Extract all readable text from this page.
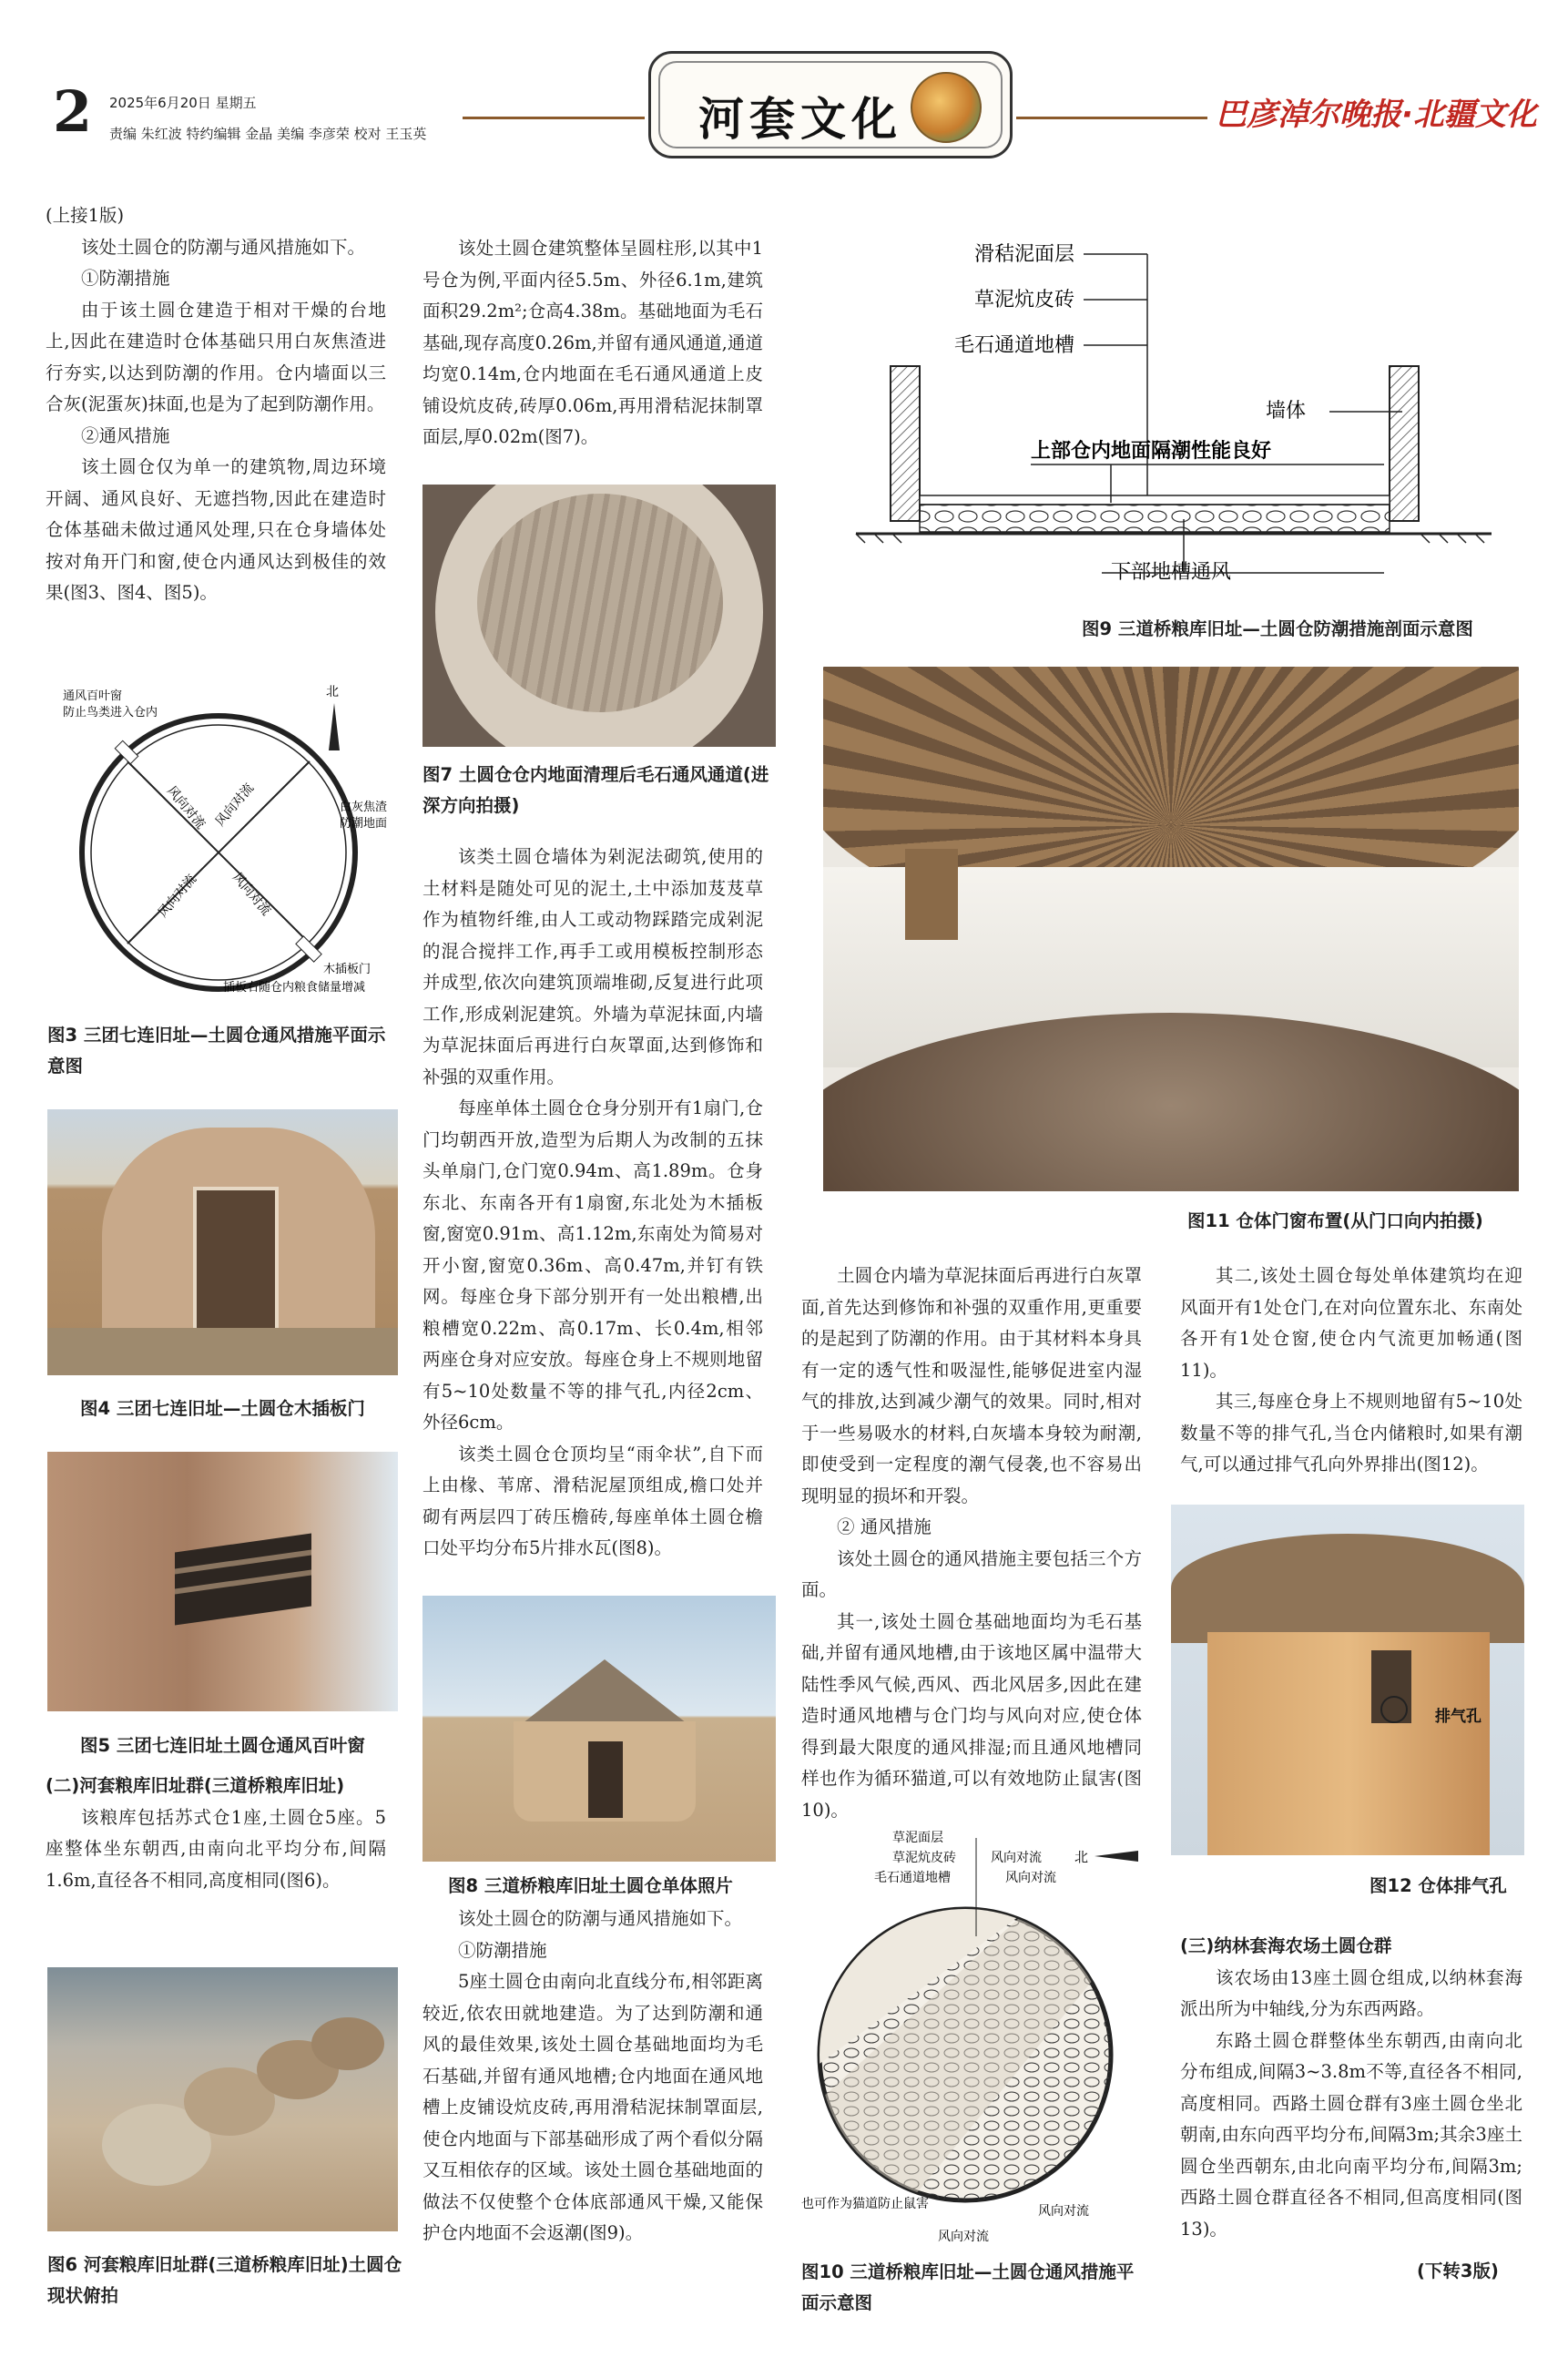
2 2025年6月20日 星期五
责编 朱红波 特约编辑 金晶 美编 李彦荣 校对 王玉英	河套文化	巴彦淖尔晚报·北疆文化

(上接1版)

该处土圆仓的防潮与通风措施如下。

①防潮措施

由于该土圆仓建造于相对干燥的台地上,因此在建造时仓体基础只用白灰焦渣进行夯实,以达到防潮的作用。仓内墙面以三合灰(泥蛋灰)抹面,也是为了起到防潮作用。

②通风措施

该土圆仓仅为单一的建筑物,周边环境开阔、通风良好、无遮挡物,因此在建造时仓体基础未做过通风处理,只在仓身墙体处按对角开门和窗,使仓内通风达到极佳的效果(图3、图4、图5)。

通风百叶窗
防止鸟类进入仓内
北
白灰焦渣
防潮地面
木插板门
插板右随仓内粮食储量增减
风向对流 风向对流
风向对流 风向对流
图3 三团七连旧址—土圆仓通风措施平面示意图
图4 三团七连旧址—土圆仓木插板门
图5 三团七连旧址土圆仓通风百叶窗

(二)河套粮库旧址群(三道桥粮库旧址)

该粮库包括苏式仓1座,土圆仓5座。5座整体坐东朝西,由南向北平均分布,间隔1.6m,直径各不相同,高度相同(图6)。

图6 河套粮库旧址群(三道桥粮库旧址)土圆仓现状俯拍

该处土圆仓建筑整体呈圆柱形,以其中1号仓为例,平面内径5.5m、外径6.1m,建筑面积29.2m²;仓高4.38m。基础地面为毛石基础,现存高度0.26m,并留有通风通道,通道均宽0.14m,仓内地面在毛石通风通道上皮铺设炕皮砖,砖厚0.06m,再用滑秸泥抹制罩面层,厚0.02m(图7)。

图7 土圆仓仓内地面清理后毛石通风通道(进深方向拍摄)

该类土圆仓墙体为剁泥法砌筑,使用的土材料是随处可见的泥土,土中添加芨芨草作为植物纤维,由人工或动物踩踏完成剁泥的混合搅拌工作,再手工或用模板控制形态并成型,依次向建筑顶端堆砌,反复进行此项工作,形成剁泥建筑。外墙为草泥抹面,内墙为草泥抹面后再进行白灰罩面,达到修饰和补强的双重作用。

每座单体土圆仓仓身分别开有1扇门,仓门均朝西开放,造型为后期人为改制的五抹头单扇门,仓门宽0.94m、高1.89m。仓身东北、东南各开有1扇窗,东北处为木插板窗,窗宽0.91m、高1.12m,东南处为简易对开小窗,窗宽0.36m、高0.47m,并钉有铁网。每座仓身下部分别开有一处出粮槽,出粮槽宽0.22m、高0.17m、长0.4m,相邻两座仓身对应安放。每座仓身上不规则地留有5~10处数量不等的排气孔,内径2cm、外径6cm。

该类土圆仓仓顶均呈“雨伞状”,自下而上由椽、苇席、滑秸泥屋顶组成,檐口处并砌有两层四丁砖压檐砖,每座单体土圆仓檐口处平均分布5片排水瓦(图8)。

图8 三道桥粮库旧址土圆仓单体照片

该处土圆仓的防潮与通风措施如下。

①防潮措施

5座土圆仓由南向北直线分布,相邻距离较近,依农田就地建造。为了达到防潮和通风的最佳效果,该处土圆仓基础地面均为毛石基础,并留有通风地槽;仓内地面在通风地槽上皮铺设炕皮砖,再用滑秸泥抹制罩面层,使仓内地面与下部基础形成了两个看似分隔又互相依存的区域。该处土圆仓基础地面的做法不仅使整个仓体底部通风干燥,又能保护仓内地面不会返潮(图9)。

滑秸泥面层
草泥炕皮砖
毛石通道地槽
墙体
上部仓内地面隔潮性能良好
下部地槽通风
图9 三道桥粮库旧址—土圆仓防潮措施剖面示意图
图11 仓体门窗布置(从门口向内拍摄)

土圆仓内墙为草泥抹面后再进行白灰罩面,首先达到修饰和补强的双重作用,更重要的是起到了防潮的作用。由于其材料本身具有一定的透气性和吸湿性,能够促进室内湿气的排放,达到减少潮气的效果。同时,相对于一些易吸水的材料,白灰墙本身较为耐潮,即使受到一定程度的潮气侵袭,也不容易出现明显的损坏和开裂。

② 通风措施

该处土圆仓的通风措施主要包括三个方面。

其一,该处土圆仓基础地面均为毛石基础,并留有通风地槽,由于该地区属中温带大陆性季风气候,西风、西北风居多,因此在建造时通风地槽与仓门均与风向对应,使仓体得到最大限度的通风排湿;而且通风地槽同样也作为循环猫道,可以有效地防止鼠害(图10)。

草泥面层
草泥炕皮砖
毛石通道地槽
风向对流
风向对流
北
也可作为猫道防止鼠害	风向对流
风向对流
图10 三道桥粮库旧址—土圆仓通风措施平面示意图

其二,该处土圆仓每处单体建筑均在迎风面开有1处仓门,在对向位置东北、东南处各开有1处仓窗,使仓内气流更加畅通(图11)。

其三,每座仓身上不规则地留有5~10处数量不等的排气孔,当仓内储粮时,如果有潮气,可以通过排气孔向外界排出(图12)。

排气孔
图12 仓体排气孔

(三)纳林套海农场土圆仓群

该农场由13座土圆仓组成,以纳林套海派出所为中轴线,分为东西两路。

东路土圆仓群整体坐东朝西,由南向北分布组成,间隔3~3.8m不等,直径各不相同,高度相同。西路土圆仓群有3座土圆仓坐北朝南,由东向西平均分布,间隔3m;其余3座土圆仓坐西朝东,由北向南平均分布,间隔3m;西路土圆仓群直径各不相同,但高度相同(图13)。

(下转3版)
